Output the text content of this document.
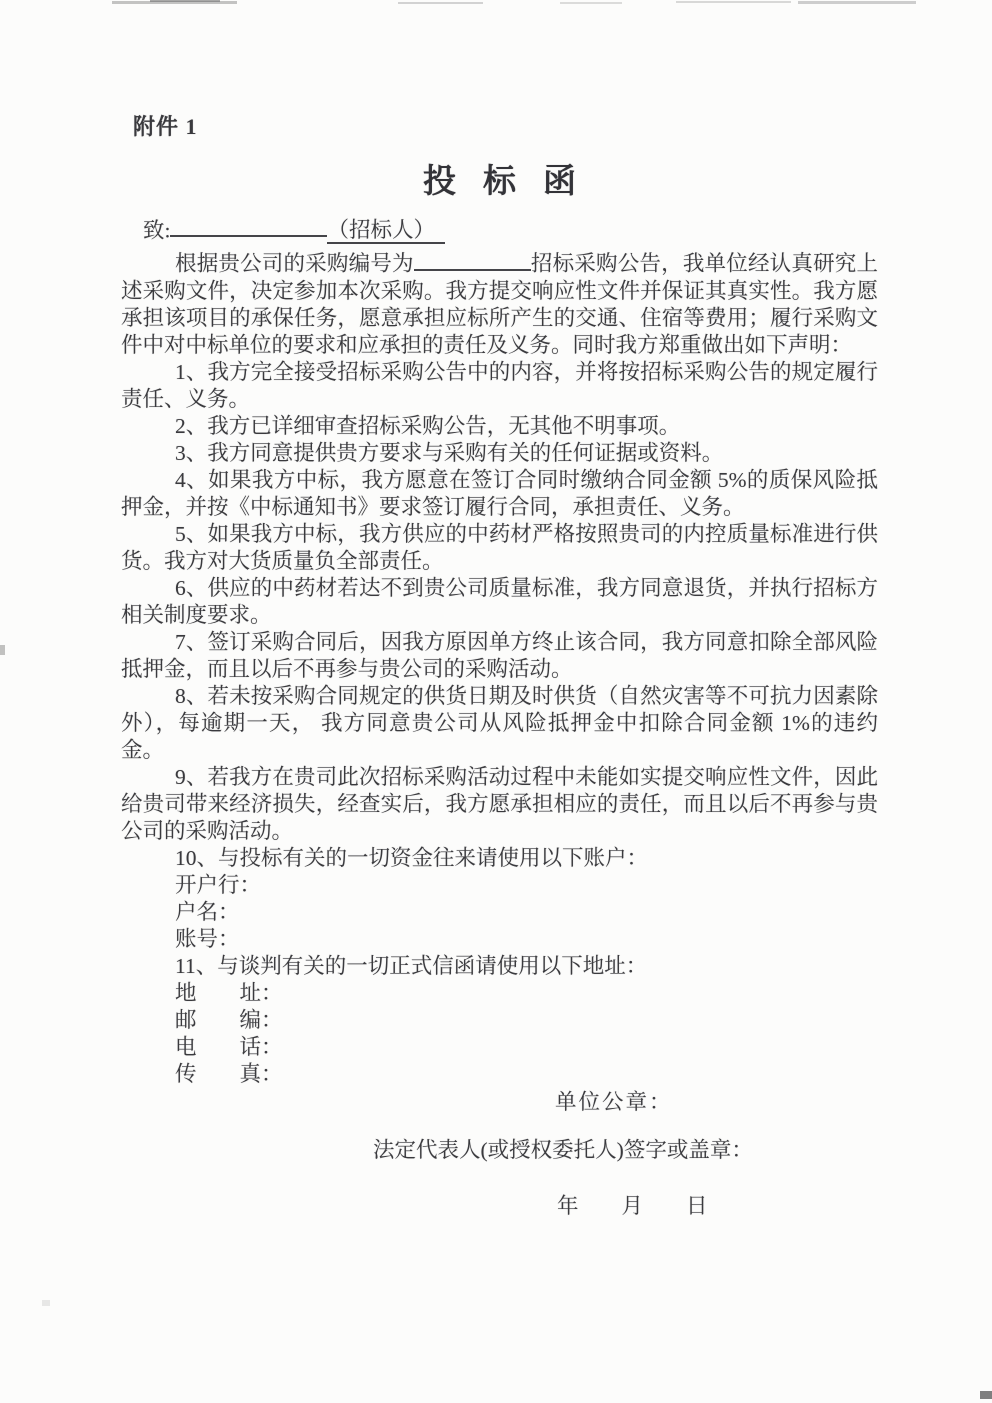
附件 1
投标函
致:	（招标人）

根据贵公司的采购编号为	招标采购公告，我单位经认真研究上述采购文件，决定参加本次采购。我方提交响应性文件并保证其真实性。我方愿承担该项目的承保任务，愿意承担应标所产生的交通、住宿等费用；履行采购文件中对中标单位的要求和应承担的责任及义务。同时我方郑重做出如下声明：

1、我方完全接受招标采购公告中的内容，并将按招标采购公告的规定履行责任、义务。

2、我方已详细审查招标采购公告，无其他不明事项。

3、我方同意提供贵方要求与采购有关的任何证据或资料。

4、如果我方中标，我方愿意在签订合同时缴纳合同金额 5%的质保风险抵押金，并按《中标通知书》要求签订履行合同，承担责任、义务。

5、如果我方中标，我方供应的中药材严格按照贵司的内控质量标准进行供货。我方对大货质量负全部责任。

6、供应的中药材若达不到贵公司质量标准，我方同意退货，并执行招标方相关制度要求。

7、签订采购合同后，因我方原因单方终止该合同，我方同意扣除全部风险抵押金，而且以后不再参与贵公司的采购活动。

8、若未按采购合同规定的供货日期及时供货（自然灾害等不可抗力因素除外），每逾期一天， 我方同意贵公司从风险抵押金中扣除合同金额 1%的违约金。

9、若我方在贵司此次招标采购活动过程中未能如实提交响应性文件，因此给贵司带来经济损失，经查实后，我方愿承担相应的责任，而且以后不再参与贵公司的采购活动。

10、与投标有关的一切资金往来请使用以下账户：

开户行：
户名：
账号：

11、与谈判有关的一切正式信函请使用以下地址：

地　　址：
邮　　编：
电　　话：
传　　真：
单位公章：
法定代表人(或授权委托人)签字或盖章：
年　　月　　日
